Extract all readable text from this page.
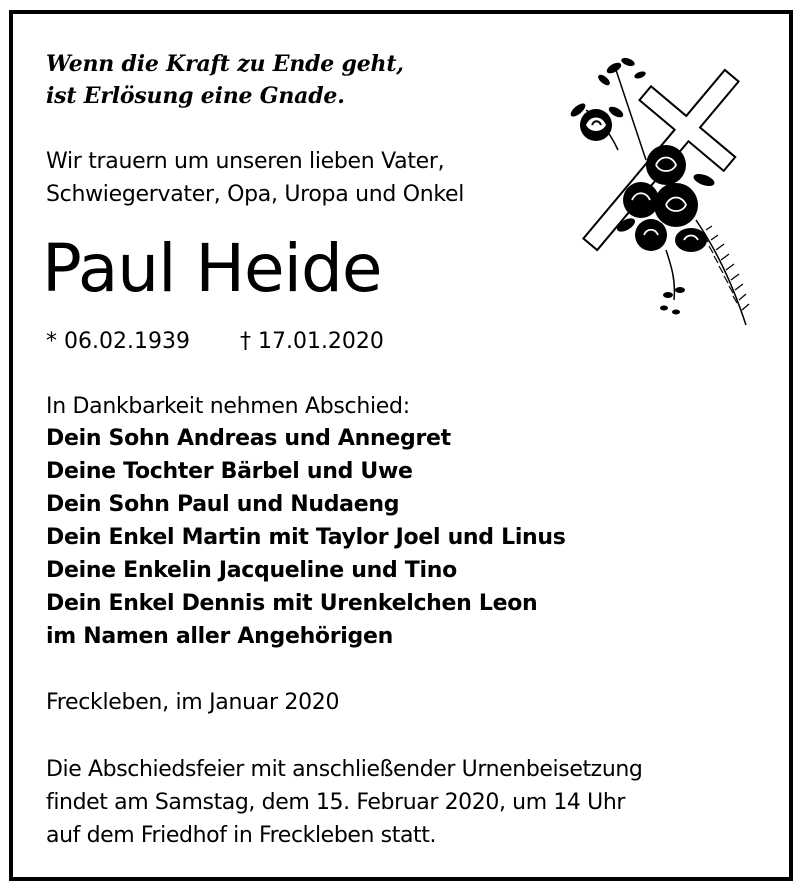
Wenn die Kraft zu Ende geht,
ist Erlösung eine Gnade.
Wir trauern um unseren lieben Vater,
Schwiegervater, Opa, Uropa und Onkel
Paul Heide
* 06.02.1939 † 17.01.2020
In Dankbarkeit nehmen Abschied:
Dein Sohn Andreas und Annegret
Deine Tochter Bärbel und Uwe
Dein Sohn Paul und Nudaeng
Dein Enkel Martin mit Taylor Joel und Linus
Deine Enkelin Jacqueline und Tino
Dein Enkel Dennis mit Urenkelchen Leon
im Namen aller Angehörigen
Freckleben, im Januar 2020
Die Abschiedsfeier mit anschließender Urnenbeisetzung
findet am Samstag, dem 15. Februar 2020, um 14 Uhr
auf dem Friedhof in Freckleben statt.
